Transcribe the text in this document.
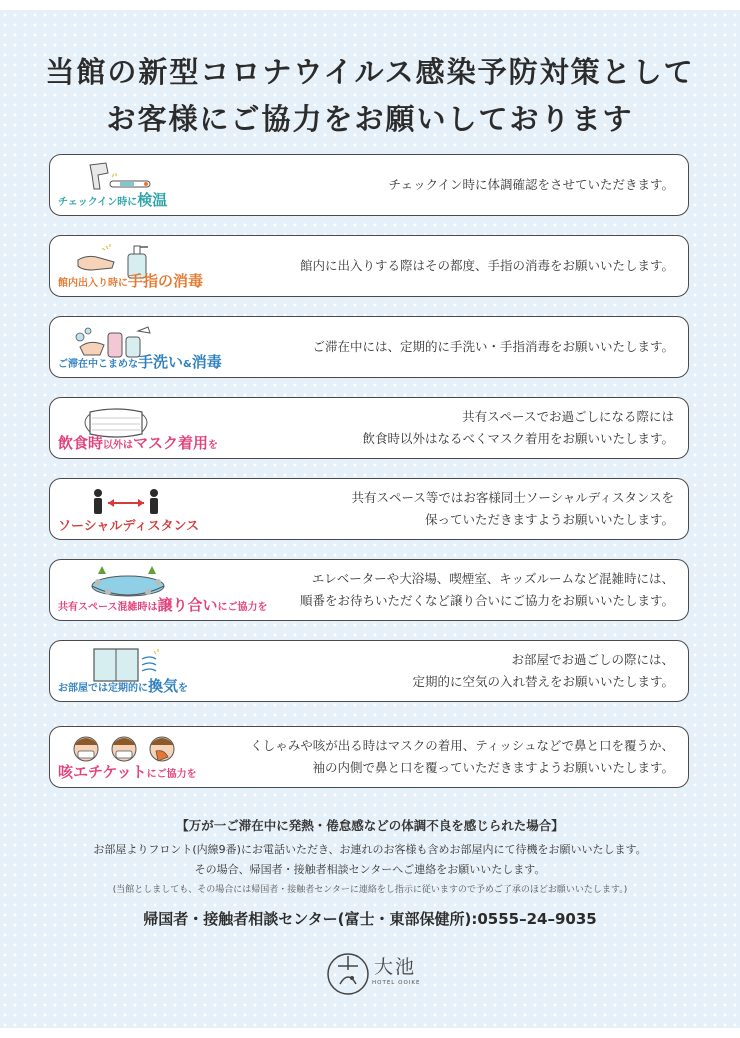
当館の新型コロナウイルス感染予防対策として
お客様にご協力をお願いしております
チェックイン時に検温
チェックイン時に体調確認をさせていただきます。
館内出入り時に手指の消毒
館内に出入りする際はその都度、手指の消毒をお願いいたします。
ご滞在中こまめな手洗い&消毒
ご滞在中には、定期的に手洗い・手指消毒をお願いいたします。
飲食時以外はマスク着用を
共有スペースでお過ごしになる際には
飲食時以外はなるべくマスク着用をお願いいたします。
ソーシャルディスタンス
共有スペース等ではお客様同士ソーシャルディスタンスを
保っていただきますようお願いいたします。
共有スペース混雑時は譲り合いにご協力を
エレベーターや大浴場、喫煙室、キッズルームなど混雑時には、
順番をお待ちいただくなど譲り合いにご協力をお願いいたします。
お部屋では定期的に換気を
お部屋でお過ごしの際には、
定期的に空気の入れ替えをお願いいたします。
咳エチケットにご協力を
くしゃみや咳が出る時はマスクの着用、ティッシュなどで鼻と口を覆うか、
袖の内側で鼻と口を覆っていただきますようお願いいたします。
【万が一ご滞在中に発熱・倦怠感などの体調不良を感じられた場合】
お部屋よりフロント(内線9番)にお電話いただき、お連れのお客様も含めお部屋内にて待機をお願いいたします。
その場合、帰国者・接触者相談センターへご連絡をお願いいたします。
(当館としましても、その場合には帰国者・接触者センターに連絡をし指示に従いますので予めご了承のほどお願いいたします。)
帰国者・接触者相談センター(富士・東部保健所):0555–24–9035
大池
HOTEL OOIKE
